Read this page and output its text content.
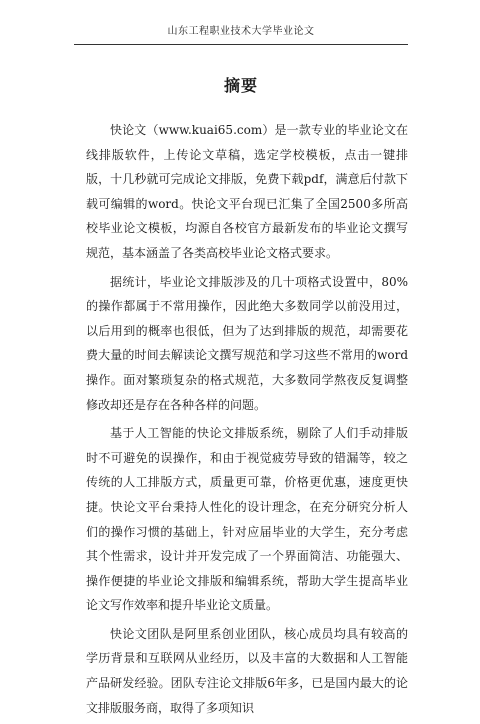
山东工程职业技术大学毕业论文
摘要

快论文（www.kuai65.com）是一款专业的毕业论文在线排版软件，上传论文草稿，选定学校模板，点击一键排版，十几秒就可完成论文排版，免费下载pdf，满意后付款下载可编辑的word。快论文平台现已汇集了全国2500多所高校毕业论文模板，均源自各校官方最新发布的毕业论文撰写规范，基本涵盖了各类高校毕业论文格式要求。

据统计，毕业论文排版涉及的几十项格式设置中，80%的操作都属于不常用操作，因此绝大多数同学以前没用过，以后用到的概率也很低，但为了达到排版的规范，却需要花费大量的时间去解读论文撰写规范和学习这些不常用的word操作。面对繁琐复杂的格式规范，大多数同学熬夜反复调整修改却还是存在各种各样的问题。

基于人工智能的快论文排版系统，剔除了人们手动排版时不可避免的误操作，和由于视觉疲劳导致的错漏等，较之传统的人工排版方式，质量更可靠，价格更优惠，速度更快捷。快论文平台秉持人性化的设计理念，在充分研究分析人们的操作习惯的基础上，针对应届毕业的大学生，充分考虑其个性需求，设计并开发完成了一个界面简洁、功能强大、操作便捷的毕业论文排版和编辑系统，帮助大学生提高毕业论文写作效率和提升毕业论文质量。

快论文团队是阿里系创业团队，核心成员均具有较高的学历背景和互联网从业经历，以及丰富的大数据和人工智能产品研发经验。团队专注论文排版6年多，已是国内最大的论文排版服务商，取得了多项知识
